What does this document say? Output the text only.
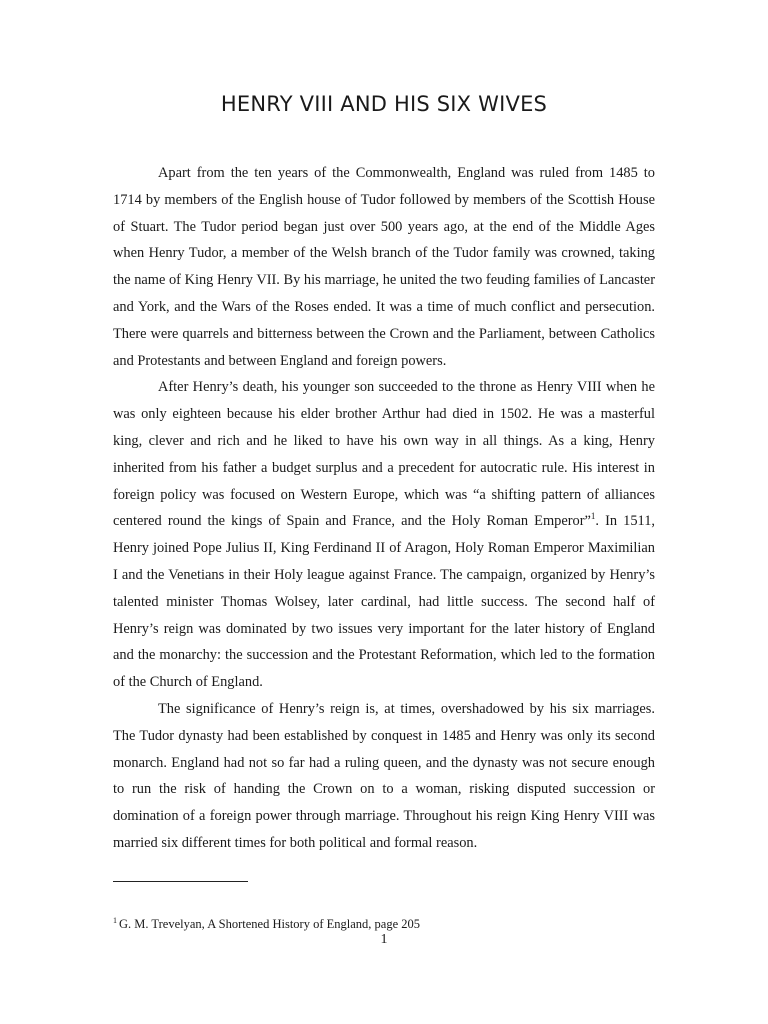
HENRY VIII AND HIS SIX WIVES

Apart from the ten years of the Commonwealth, England was ruled from 1485 to 1714 by members of the English house of Tudor followed by members of the Scottish House of Stuart. The Tudor period began just over 500 years ago, at the end of the Middle Ages when Henry Tudor, a member of the Welsh branch of the Tudor family was crowned, taking the name of King Henry VII. By his marriage, he united the two feuding families of Lancaster and York, and the Wars of the Roses ended. It was a time of much conflict and persecution. There were quarrels and bitterness between the Crown and the Parliament, between Catholics and Protestants and between England and foreign powers.

After Henry’s death, his younger son succeeded to the throne as Henry VIII when he was only eighteen because his elder brother Arthur had died in 1502. He was a masterful king, clever and rich and he liked to have his own way in all things. As a king, Henry inherited from his father a budget surplus and a precedent for autocratic rule. His interest in foreign policy was focused on Western Europe, which was “a shifting pattern of alliances centered round the kings of Spain and France, and the Holy Roman Emperor”$^1$. In 1511, Henry joined Pope Julius II, King Ferdinand II of Aragon, Holy Roman Emperor Maximilian I and the Venetians in their Holy league against France. The campaign, organized by Henry’s talented minister Thomas Wolsey, later cardinal, had little success. The second half of Henry’s reign was dominated by two issues very important for the later history of England and the monarchy: the succession and the Protestant Reformation, which led to the formation of the Church of England.

The significance of Henry’s reign is, at times, overshadowed by his six marriages. The Tudor dynasty had been established by conquest in 1485 and Henry was only its second monarch. England had not so far had a ruling queen, and the dynasty was not secure enough to run the risk of handing the Crown on to a woman, risking disputed succession or domination of a foreign power through marriage. Throughout his reign King Henry VIII was married six different times for both political and formal reason.

$^1$ G. M. Trevelyan, A Shortened History of England, page 205
1
